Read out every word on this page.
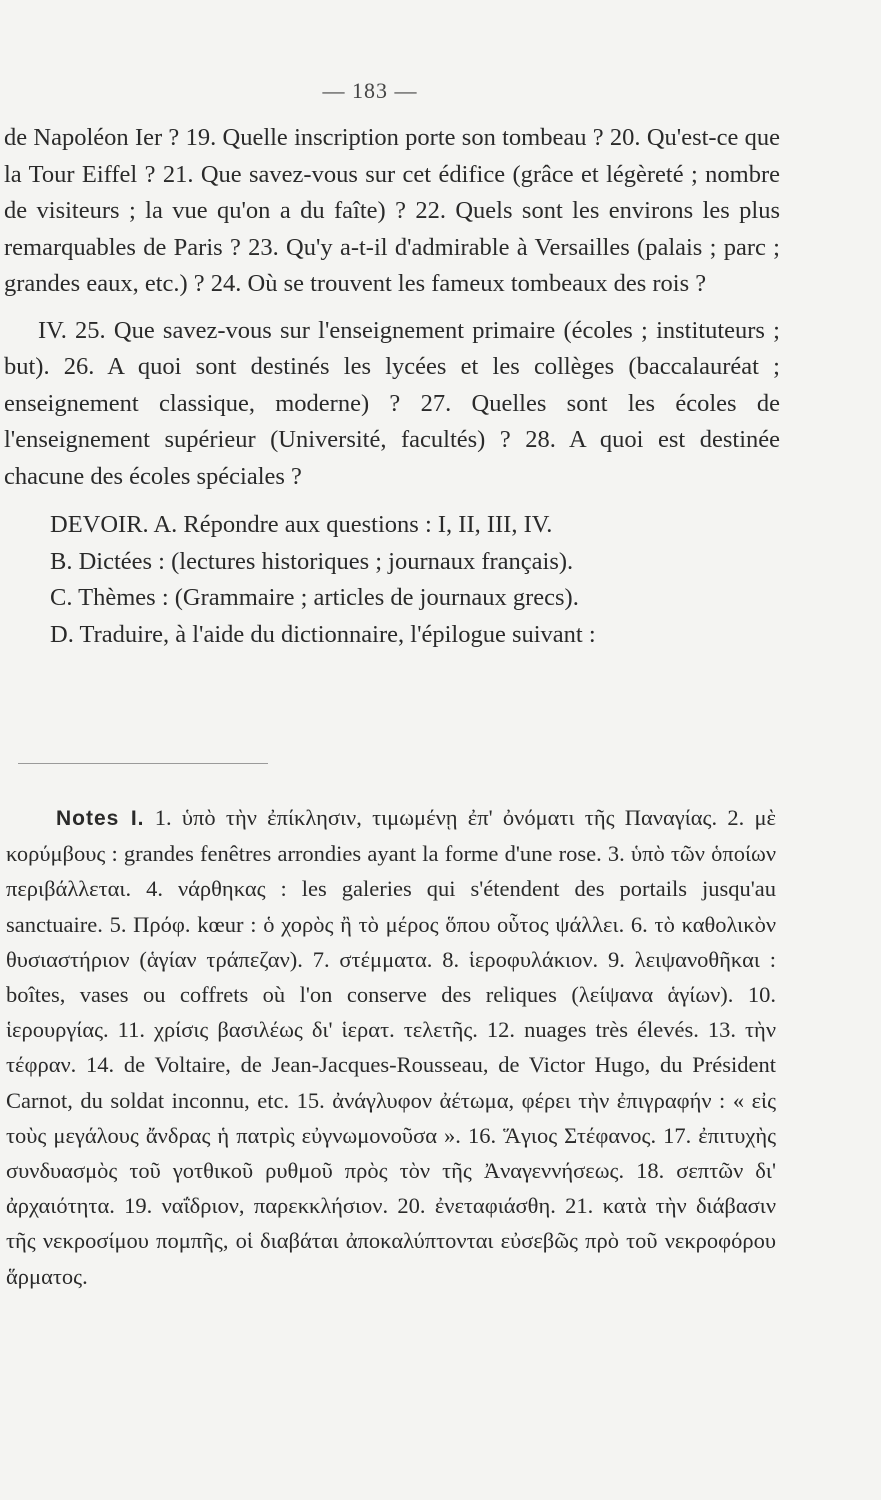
— 183 —

de Napoléon Ier ? 19. Quelle inscription porte son tombeau ? 20. Qu'est-ce que la Tour Eiffel ? 21. Que savez-vous sur cet édifice (grâce et légèreté ; nombre de visiteurs ; la vue qu'on a du faîte) ? 22. Quels sont les environs les plus remarquables de Paris ? 23. Qu'y a-t-il d'admirable à Versailles (palais ; parc ; grandes eaux, etc.) ? 24. Où se trouvent les fameux tombeaux des rois ?

IV. 25. Que savez-vous sur l'enseignement primaire (écoles ; instituteurs ; but). 26. A quoi sont destinés les lycées et les collèges (baccalauréat ; enseignement classique, moderne) ? 27. Quelles sont les écoles de l'enseignement supérieur (Université, facultés) ? 28. A quoi est destinée chacune des écoles spéciales ?

DEVOIR. A. Répondre aux questions : I, II, III, IV.
B. Dictées : (lectures historiques ; journaux français).
C. Thèmes : (Grammaire ; articles de journaux grecs).
D. Traduire, à l'aide du dictionnaire, l'épilogue suivant :
Notes I. 1. ὑπὸ τὴν ἐπίκλησιν, τιμωμένῃ ἐπ' ὀνόματι τῆς Παναγίας. 2. μὲ κορύμβους : grandes fenêtres arrondies ayant la forme d'une rose. 3. ὑπὸ τῶν ὁποίων περιβάλλεται. 4. νάρθηκας : les galeries qui s'étendent des portails jusqu'au sanctuaire. 5. Πρόφ. kœur : ὁ χορὸς ἢ τὸ μέρος ὅπου οὗτος ψάλλει. 6. τὸ καθολικὸν θυσιαστήριον (ἁγίαν τράπεζαν). 7. στέμματα. 8. ἱεροφυλάκιον. 9. λειψανοθῆκαι : boîtes, vases ou coffrets où l'on conserve des reliques (λείψανα ἁγίων). 10. ἱερουργίας. 11. χρίσις βασιλέως δι' ἱερατ. τελετῆς. 12. nuages très élevés. 13. τὴν τέφραν. 14. de Voltaire, de Jean-Jacques-Rousseau, de Victor Hugo, du Président Carnot, du soldat inconnu, etc. 15. ἀνάγλυφον ἀέτωμα, φέρει τὴν ἐπιγραφήν : « εἰς τοὺς μεγάλους ἄνδρας ἡ πατρὶς εὐγνωμονοῦσα ». 16. Ἅγιος Στέφανος. 17. ἐπιτυχὴς συνδυασμὸς τοῦ γοτθικοῦ ρυθμοῦ πρὸς τὸν τῆς Ἀναγεννήσεως. 18. σεπτῶν δι' ἀρχαιότητα. 19. ναΐδριον, παρεκκλήσιον. 20. ἐνεταφιάσθη. 21. κατὰ τὴν διάβασιν τῆς νεκροσίμου πομπῆς, οἱ διαβάται ἀποκαλύπτονται εὐσεβῶς πρὸ τοῦ νεκροφόρου ἅρματος.
